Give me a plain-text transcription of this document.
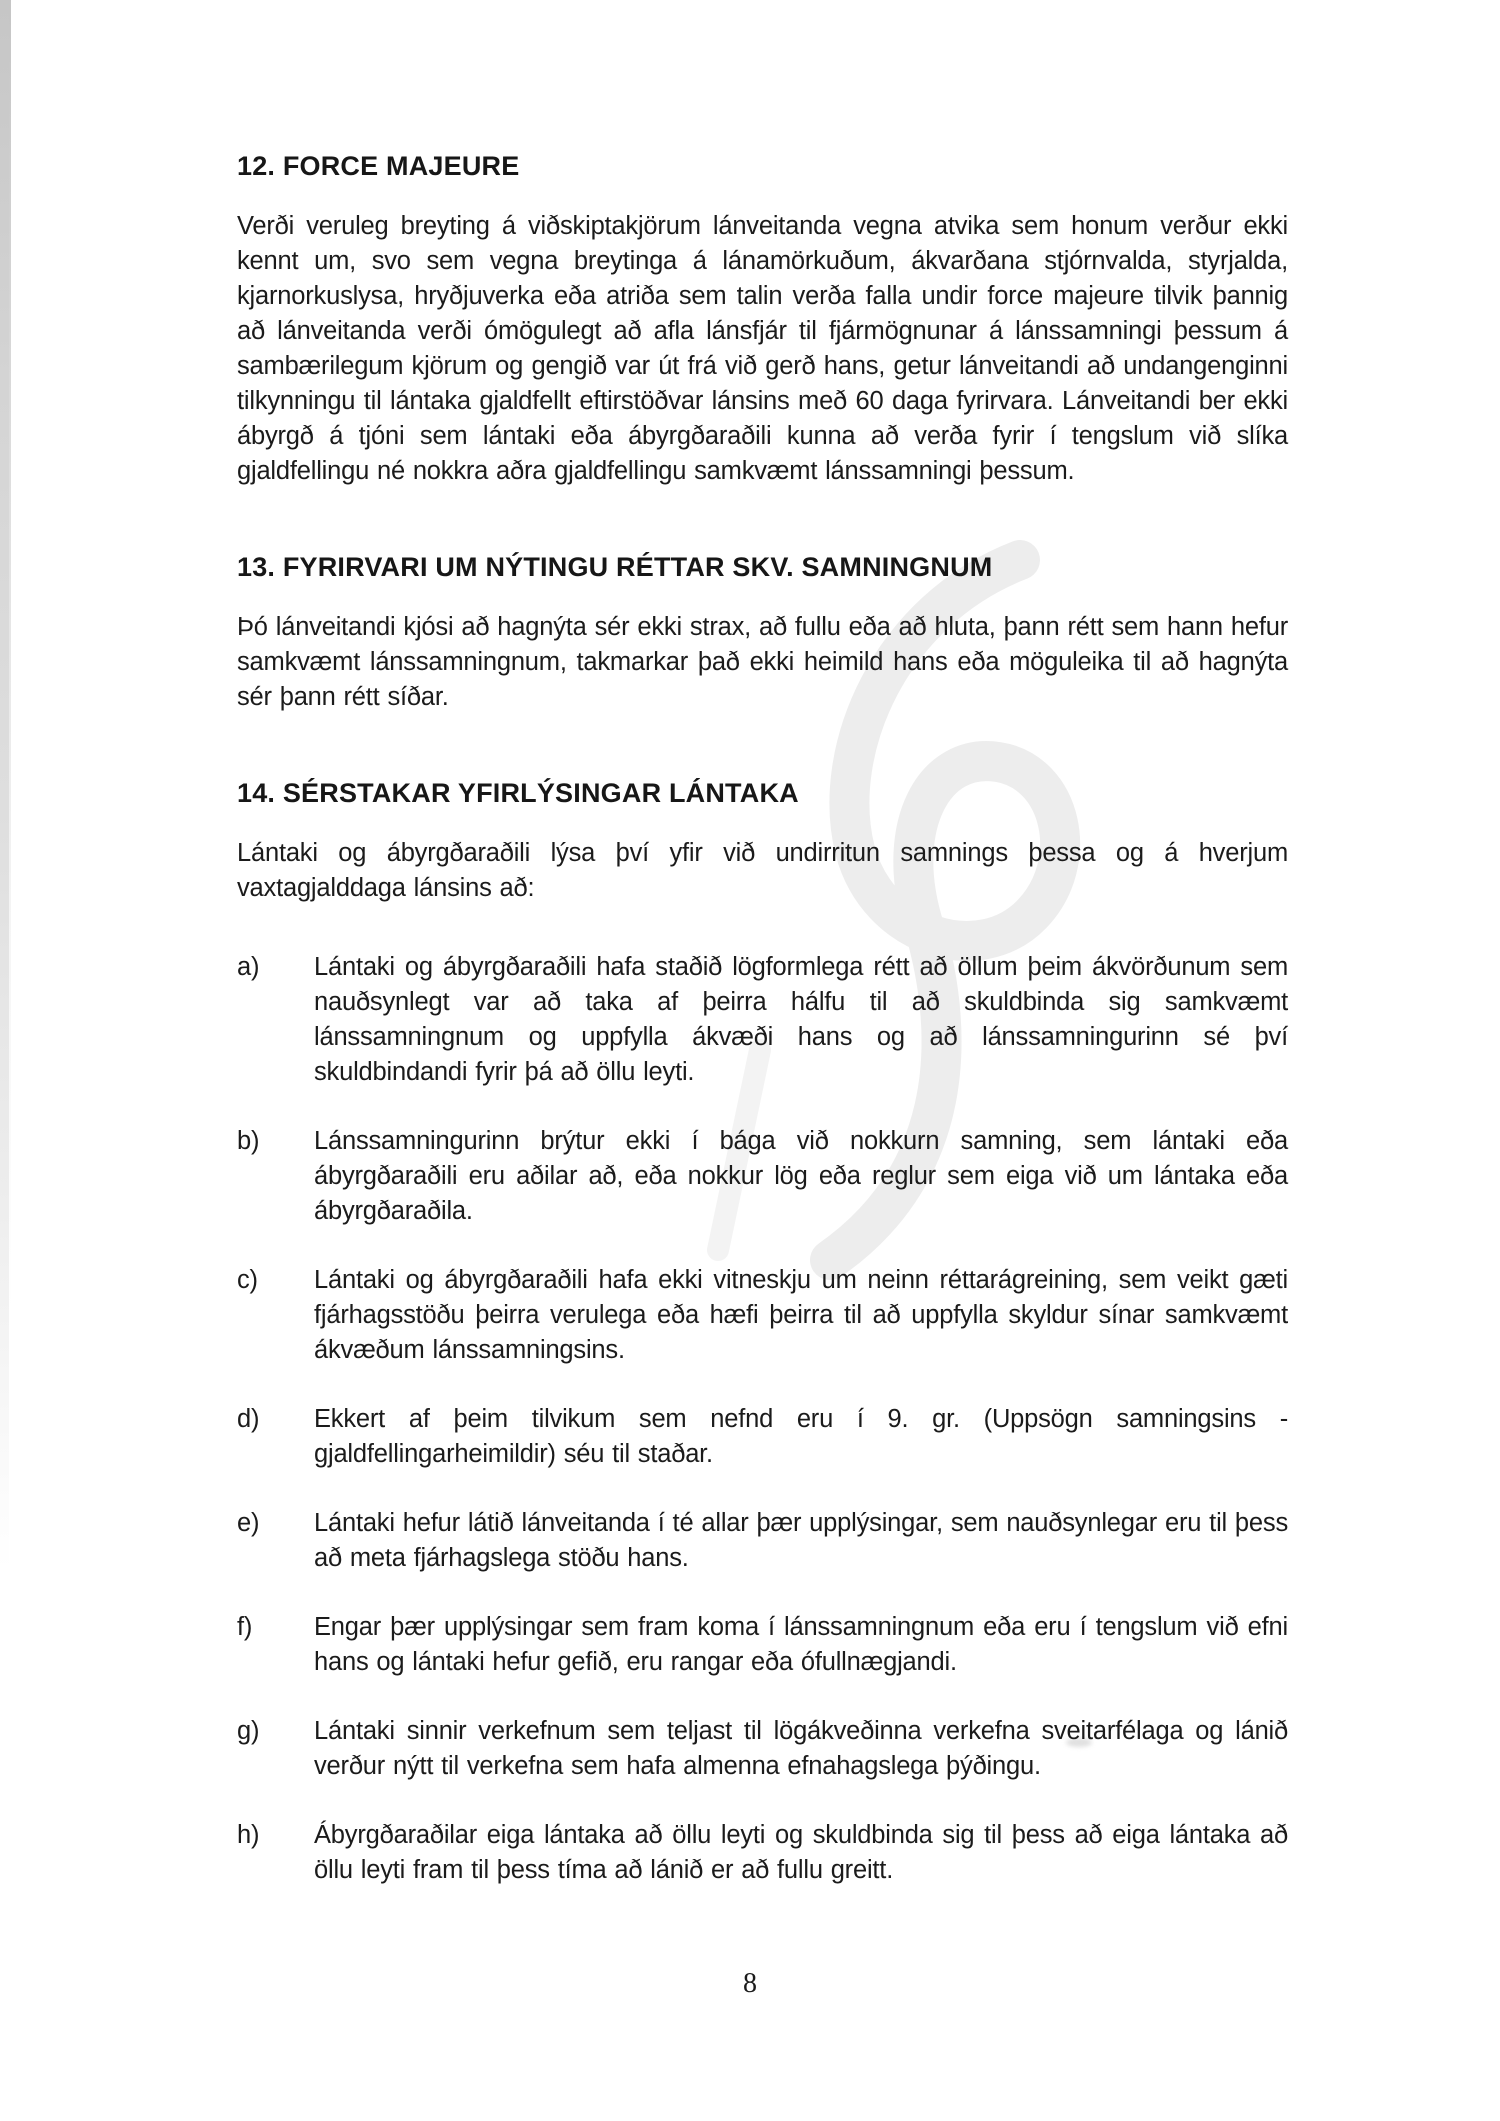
12. FORCE MAJEURE

Verði veruleg breyting á viðskiptakjörum lánveitanda vegna atvika sem honum verður ekki kennt um, svo sem vegna breytinga á lánamörkuðum, ákvarðana stjórnvalda, styrjalda, kjarnorkuslysa, hryðjuverka eða atriða sem talin verða falla undir force majeure tilvik þannig að lánveitanda verði ómögulegt að afla lánsfjár til fjármögnunar á lánssamningi þessum á sambærilegum kjörum og gengið var út frá við gerð hans, getur lánveitandi að undangenginni tilkynningu til lántaka gjaldfellt eftirstöðvar lánsins með 60 daga fyrirvara. Lánveitandi ber ekki ábyrgð á tjóni sem lántaki eða ábyrgðaraðili kunna að verða fyrir í tengslum við slíka gjaldfellingu né nokkra aðra gjaldfellingu samkvæmt lánssamningi þessum.

13. FYRIRVARI UM NÝTINGU RÉTTAR SKV. SAMNINGNUM

Þó lánveitandi kjósi að hagnýta sér ekki strax, að fullu eða að hluta, þann rétt sem hann hefur samkvæmt lánssamningnum, takmarkar það ekki heimild hans eða möguleika til að hagnýta sér þann rétt síðar.

14. SÉRSTAKAR YFIRLÝSINGAR LÁNTAKA

Lántaki og ábyrgðaraðili lýsa því yfir við undirritun samnings þessa og á hverjum vaxtagjalddaga lánsins að:

a)	Lántaki og ábyrgðaraðili hafa staðið lögformlega rétt að öllum þeim ákvörðunum sem nauðsynlegt var að taka af þeirra hálfu til að skuldbinda sig samkvæmt lánssamningnum og uppfylla ákvæði hans og að lánssamningurinn sé því skuldbindandi fyrir þá að öllu leyti.
b)	Lánssamningurinn brýtur ekki í bága við nokkurn samning, sem lántaki eða ábyrgðaraðili eru aðilar að, eða nokkur lög eða reglur sem eiga við um lántaka eða ábyrgðaraðila.
c)	Lántaki og ábyrgðaraðili hafa ekki vitneskju um neinn réttarágreining, sem veikt gæti fjárhagsstöðu þeirra verulega eða hæfi þeirra til að uppfylla skyldur sínar samkvæmt ákvæðum lánssamningsins.
d)	Ekkert af þeim tilvikum sem nefnd eru í 9. gr. (Uppsögn samningsins - gjaldfellingarheimildir) séu til staðar.
e)	Lántaki hefur látið lánveitanda í té allar þær upplýsingar, sem nauðsynlegar eru til þess að meta fjárhagslega stöðu hans.
f)	Engar þær upplýsingar sem fram koma í lánssamningnum eða eru í tengslum við efni hans og lántaki hefur gefið, eru rangar eða ófullnægjandi.
g)	Lántaki sinnir verkefnum sem teljast til lögákveðinna verkefna sveitarfélaga og lánið verður nýtt til verkefna sem hafa almenna efnahagslega þýðingu.
h)	Ábyrgðaraðilar eiga lántaka að öllu leyti og skuldbinda sig til þess að eiga lántaka að öllu leyti fram til þess tíma að lánið er að fullu greitt.
8
